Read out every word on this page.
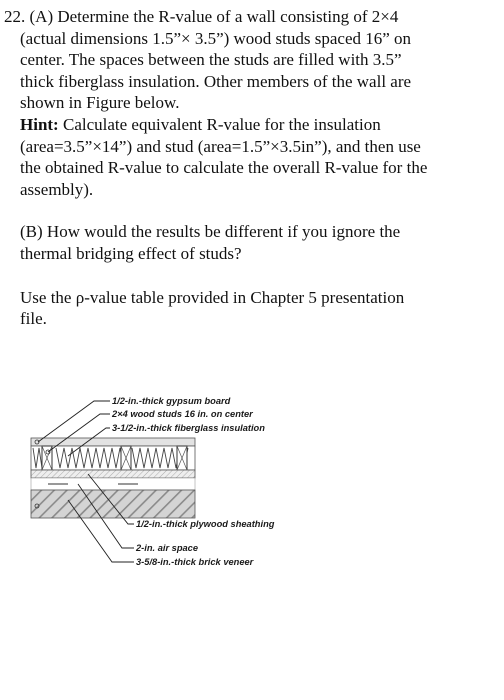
22. (A) Determine the R-value of a wall consisting of 2×4
(actual dimensions 1.5”× 3.5”) wood studs spaced 16” on
center. The spaces between the studs are filled with 3.5”
thick fiberglass insulation. Other members of the wall are
shown in Figure below.
Hint: Calculate equivalent R-value for the insulation
(area=3.5”×14”) and stud (area=1.5”×3.5in”), and then use
the obtained R-value to calculate the overall R-value for the
assembly).

(B) How would the results be different if you ignore the
thermal bridging effect of studs?

Use the ρ-value table provided in Chapter 5 presentation
file.

1/2-in.-thick gypsum board
2×4 wood studs 16 in. on center
3-1/2-in.-thick fiberglass insulation
1/2-in.-thick plywood sheathing
2-in. air space
3-5/8-in.-thick brick veneer
